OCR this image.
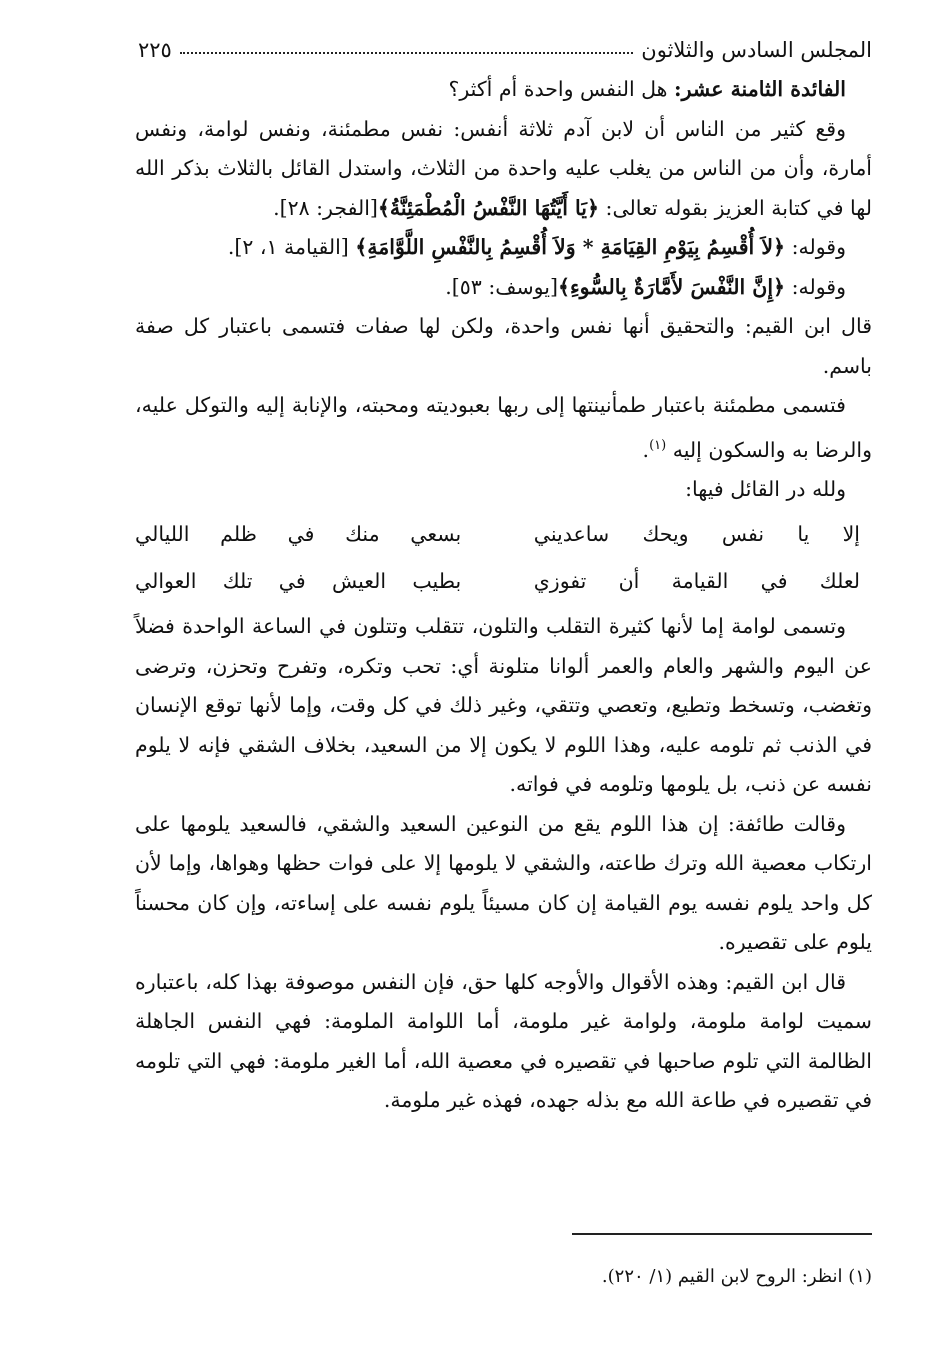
المجلس السادس والثلاثون
٢٢٥

الفائدة الثامنة عشر: هل النفس واحدة أم أكثر؟

وقع كثير من الناس أن لابن آدم ثلاثة أنفس: نفس مطمئنة، ونفس لوامة، ونفس أمارة، وأن من الناس من يغلب عليه واحدة من الثلاث، واستدل القائل بالثلاث بذكر الله لها في كتابة العزيز بقوله تعالى: ﴿يَا أَيَّتُهَا النَّفْسُ الْمُطْمَئِنَّةُ﴾[الفجر: ٢٨].

وقوله: ﴿لاَ أُقْسِمُ بِيَوْمِ القِيَامَةِ * وَلاَ أُقْسِمُ بِالنَّفْسِ اللَّوَّامَةِ﴾ [القيامة ١، ٢].

وقوله: ﴿إِنَّ النَّفْسَ لأَمَّارَةٌ بِالسُّوءِ﴾[يوسف: ٥٣].

قال ابن القيم: والتحقيق أنها نفس واحدة، ولكن لها صفات فتسمى باعتبار كل صفة باسم.

فتسمى مطمئنة باعتبار طمأنينتها إلى ربها بعبوديته ومحبته، والإنابة إليه والتوكل عليه، والرضا به والسكون إليه $^{(١)}$.

ولله در القائل فيها:

إلا يا نفس ويحك ساعديني
بسعي منك في ظلم الليالي
لعلك في القيامة أن تفوزي
بطيب العيش في تلك العوالي

وتسمى لوامة إما لأنها كثيرة التقلب والتلون، تتقلب وتتلون في الساعة الواحدة فضلاً عن اليوم والشهر والعام والعمر ألوانا متلونة أي: تحب وتكره، وتفرح وتحزن، وترضى وتغضب، وتسخط وتطيع، وتعصي وتتقي، وغير ذلك في كل وقت، وإما لأنها توقع الإنسان في الذنب ثم تلومه عليه، وهذا اللوم لا يكون إلا من السعيد، بخلاف الشقي فإنه لا يلوم نفسه عن ذنب، بل يلومها وتلومه في فواته.

وقالت طائفة: إن هذا اللوم يقع من النوعين السعيد والشقي، فالسعيد يلومها على ارتكاب معصية الله وترك طاعته، والشقي لا يلومها إلا على فوات حظها وهواها، وإما لأن كل واحد يلوم نفسه يوم القيامة إن كان مسيئاً يلوم نفسه على إساءته، وإن كان محسناً يلوم على تقصيره.

قال ابن القيم: وهذه الأقوال والأوجه كلها حق، فإن النفس موصوفة بهذا كله، باعتباره سميت لوامة ملومة، ولوامة غير ملومة، أما اللوامة الملومة: فهي النفس الجاهلة الظالمة التي تلوم صاحبها في تقصيره في معصية الله، أما الغير ملومة: فهي التي تلومه في تقصيره في طاعة الله مع بذله جهده، فهذه غير ملومة.

(١) انظر: الروح لابن القيم (١/ ٢٢٠).
